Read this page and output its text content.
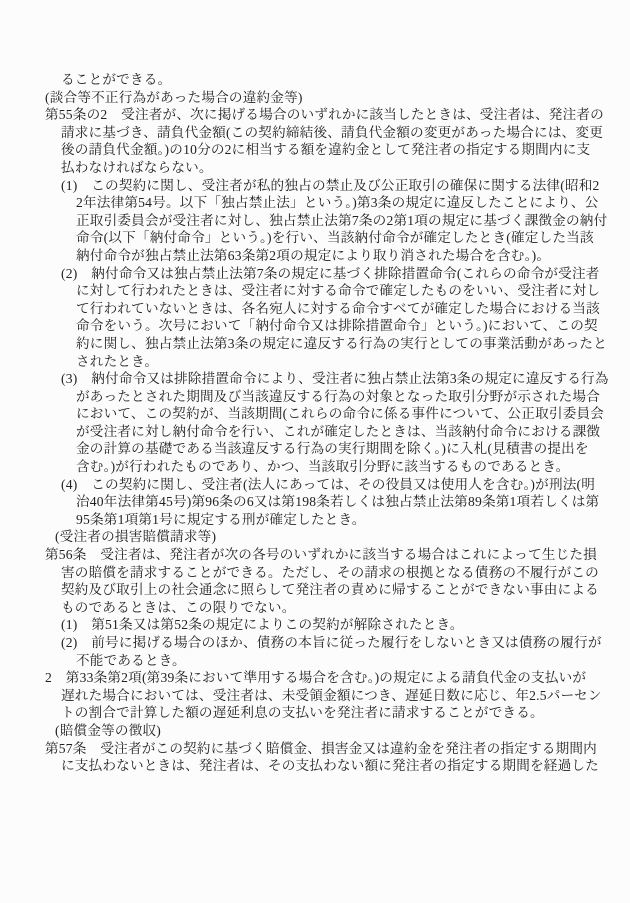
ることができる。
(談合等不正行為があった場合の違約金等)
第55条の2　受注者が、次に掲げる場合のいずれかに該当したときは、受注者は、発注者の
請求に基づき、請負代金額(この契約締結後、請負代金額の変更があった場合には、変更
後の請負代金額。)の10分の2に相当する額を違約金として発注者の指定する期間内に支
払わなければならない。
(1)　この契約に関し、受注者が私的独占の禁止及び公正取引の確保に関する法律(昭和2
2年法律第54号。以下「独占禁止法」という。)第3条の規定に違反したことにより、公
正取引委員会が受注者に対し、独占禁止法第7条の2第1項の規定に基づく課徴金の納付
命令(以下「納付命令」という。)を行い、当該納付命令が確定したとき(確定した当該
納付命令が独占禁止法第63条第2項の規定により取り消された場合を含む。)。
(2)　納付命令又は独占禁止法第7条の規定に基づく排除措置命令(これらの命令が受注者
に対して行われたときは、受注者に対する命令で確定したものをいい、受注者に対し
て行われていないときは、各名宛人に対する命令すべてが確定した場合における当該
命令をいう。次号において「納付命令又は排除措置命令」という。)において、この契
約に関し、独占禁止法第3条の規定に違反する行為の実行としての事業活動があったと
されたとき。
(3)　納付命令又は排除措置命令により、受注者に独占禁止法第3条の規定に違反する行為
があったとされた期間及び当該違反する行為の対象となった取引分野が示された場合
において、この契約が、当該期間(これらの命令に係る事件について、公正取引委員会
が受注者に対し納付命令を行い、これが確定したときは、当該納付命令における課徴
金の計算の基礎である当該違反する行為の実行期間を除く。)に入札(見積書の提出を
含む。)が行われたものであり、かつ、当該取引分野に該当するものであるとき。
(4)　この契約に関し、受注者(法人にあっては、その役員又は使用人を含む。)が刑法(明
治40年法律第45号)第96条の6又は第198条若しくは独占禁止法第89条第1項若しくは第
95条第1項第1号に規定する刑が確定したとき。
(受注者の損害賠償請求等)
第56条　受注者は、発注者が次の各号のいずれかに該当する場合はこれによって生じた損
害の賠償を請求することができる。ただし、その請求の根拠となる債務の不履行がこの
契約及び取引上の社会通念に照らして発注者の責めに帰することができない事由による
ものであるときは、この限りでない。
(1)　第51条又は第52条の規定によりこの契約が解除されたとき。
(2)　前号に掲げる場合のほか、債務の本旨に従った履行をしないとき又は債務の履行が
不能であるとき。
2　第33条第2項(第39条において準用する場合を含む。)の規定による請負代金の支払いが
遅れた場合においては、受注者は、未受領金額につき、遅延日数に応じ、年2.5パーセン
トの割合で計算した額の遅延利息の支払いを発注者に請求することができる。
(賠償金等の徴収)
第57条　受注者がこの契約に基づく賠償金、損害金又は違約金を発注者の指定する期間内
に支払わないときは、発注者は、その支払わない額に発注者の指定する期間を経過した
